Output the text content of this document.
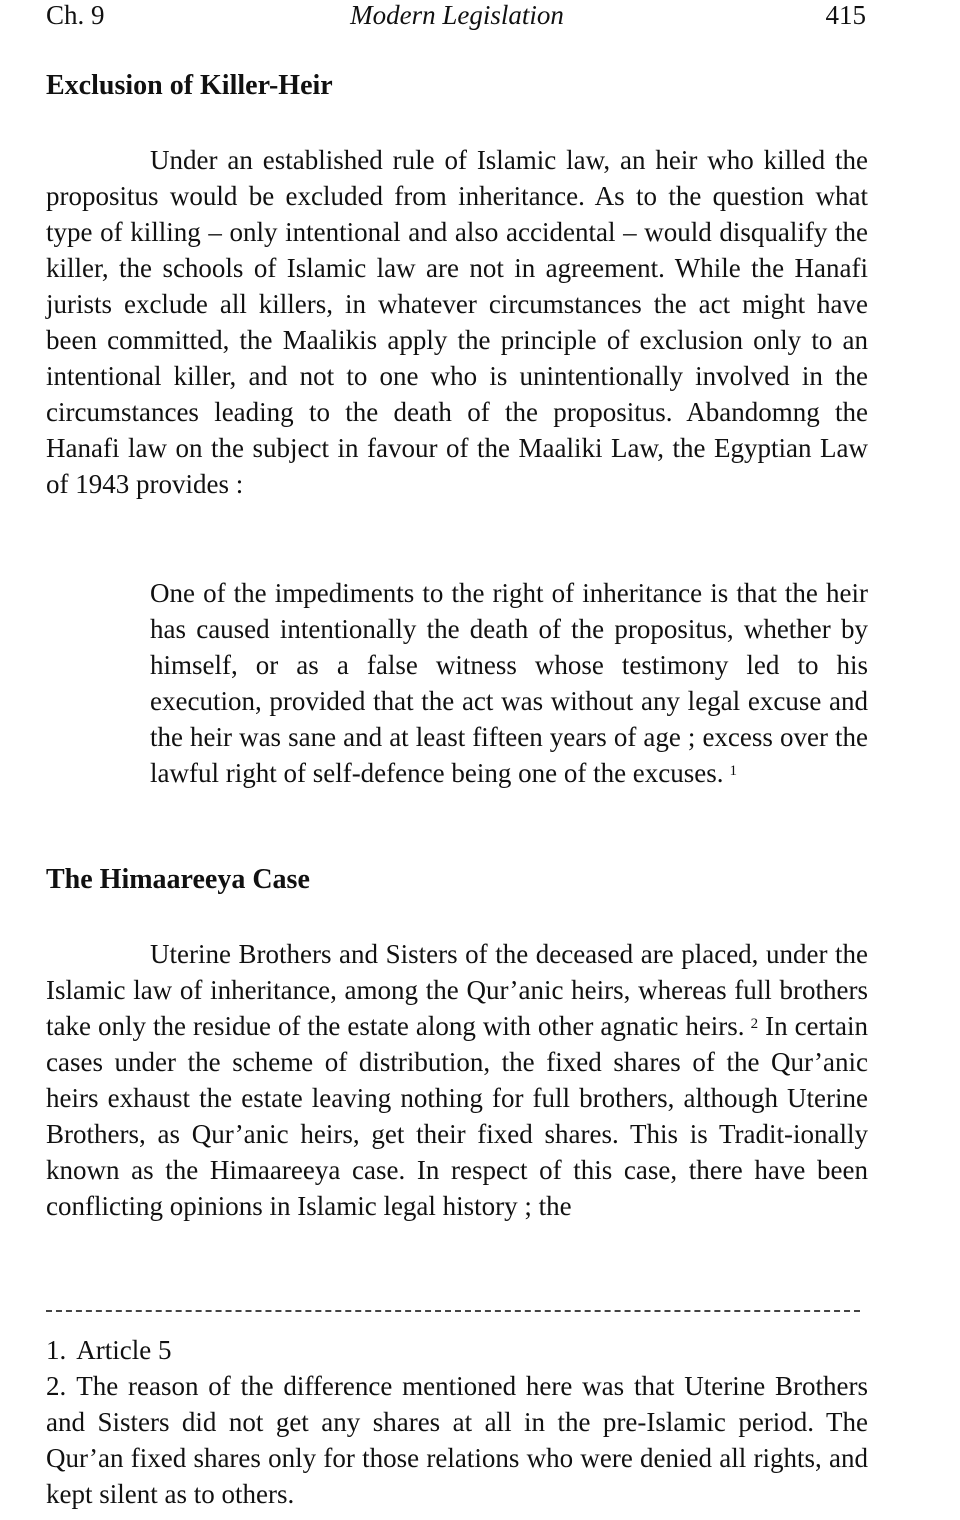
Ch. 9	Modern Legislation	415
Exclusion of Killer-Heir

Under an established rule of Islamic law, an heir who killed the propositus would be excluded from inheritance. As to the question what type of killing – only intentional and also accidental – would disqualify the killer, the schools of Islamic law are not in agreement. While the Hanafi jurists exclude all killers, in whatever circumstances the act might have been committed, the Maalikis apply the principle of exclusion only to an intentional killer, and not to one who is unintentionally involved in the circumstances leading to the death of the propositus. Abandomng the Hanafi law on the subject in favour of the Maaliki Law, the Egyptian Law of 1943 provides :

One of the impediments to the right of inheritance is that the heir has caused intentionally the death of the propositus, whether by himself, or as a false witness whose testimony led to his execution, provided that the act was without any legal excuse and the heir was sane and at least fifteen years of age ; excess over the lawful right of self-defence being one of the excuses. $^1$

The Himaareeya Case

Uterine Brothers and Sisters of the deceased are placed, under the Islamic law of inheritance, among the Qur’anic heirs, whereas full brothers take only the residue of the estate along with other agnatic heirs. $^2$ In certain cases under the scheme of distribution, the fixed shares of the Qur’anic heirs exhaust the estate leaving nothing for full brothers, although Uterine Brothers, as Qur’anic heirs, get their fixed shares. This is Tradit-ionally known as the Himaareeya case. In respect of this case, there have been conflicting opinions in Islamic legal history ; the

1. Article 5

2. The reason of the difference mentioned here was that Uterine Brothers and Sisters did not get any shares at all in the pre-Islamic period. The Qur’an fixed shares only for those relations who were denied all rights, and kept silent as to others.
